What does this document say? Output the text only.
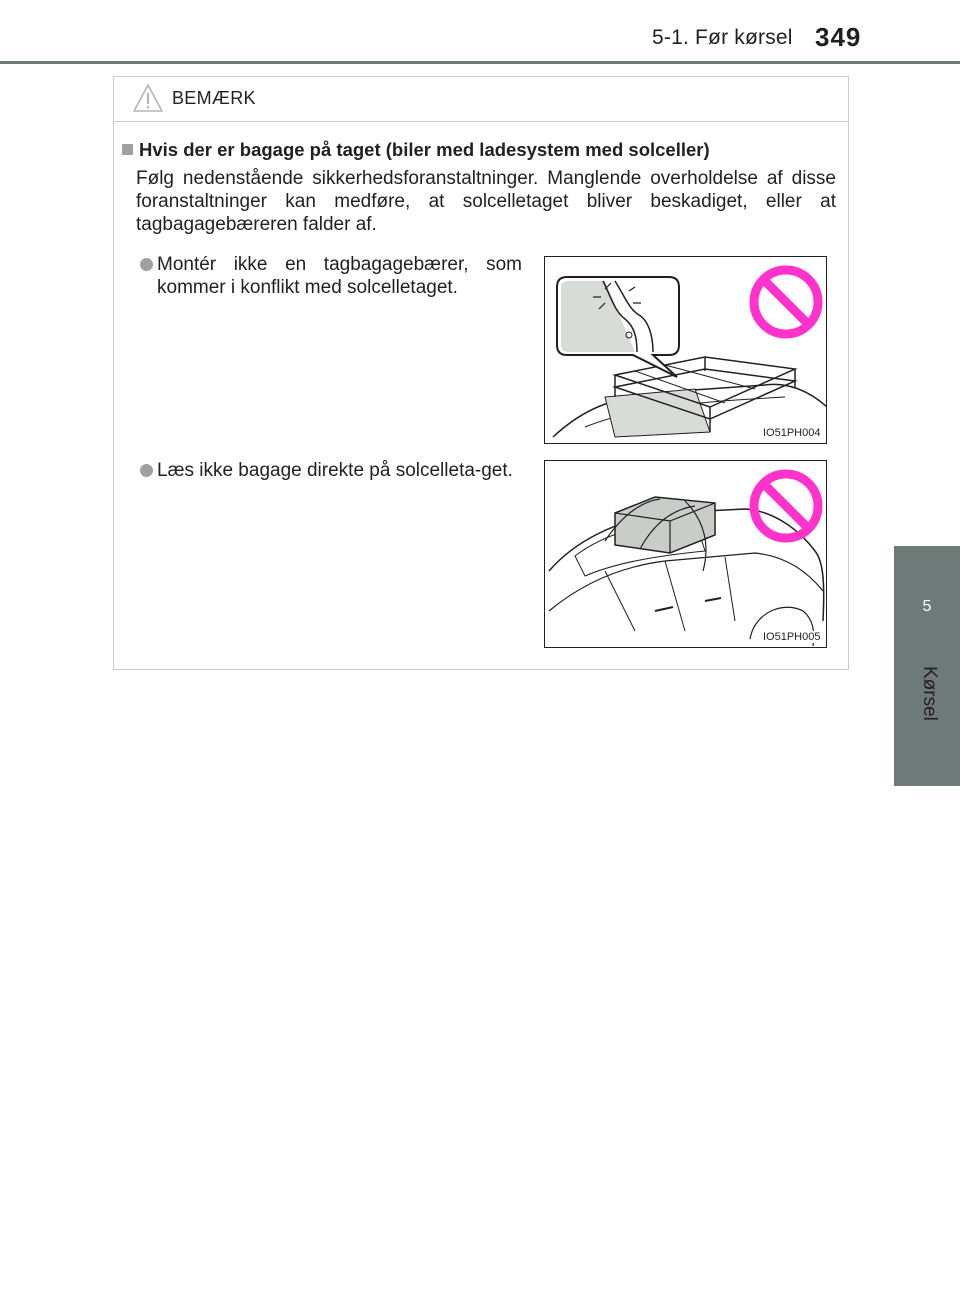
5-1. Før kørsel 349
5
Kørsel
BEMÆRK
Hvis der er bagage på taget (biler med ladesystem med solceller)
Følg nedenstående sikkerhedsforanstaltninger. Manglende overholdelse af disse foranstaltninger kan medføre, at solcelletaget bliver beskadiget, eller at tagbagagebæreren falder af.
Montér ikke en tagbagagebærer, som kommer i konflikt med solcelletaget.
Læs ikke bagage direkte på solcelleta-get.
IO51PH004
IO51PH005
